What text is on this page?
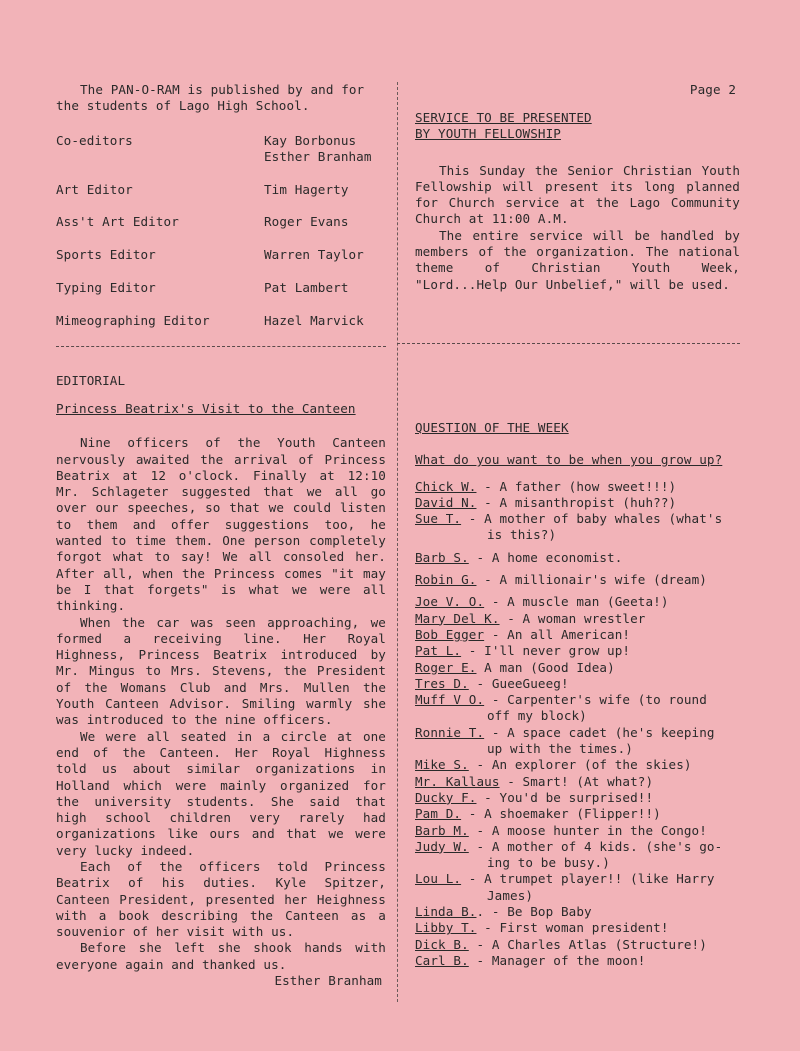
The PAN-O-RAM is published by and for the students of Lago High School.

Co-editors	Kay Borbonus
Esther Branham
Art Editor	Tim Hagerty
Ass't Art Editor	Roger Evans
Sports Editor	Warren Taylor
Typing Editor	Pat Lambert
Mimeographing Editor	Hazel Marvick
EDITORIAL
Princess Beatrix's Visit to the Canteen

Nine officers of the Youth Canteen nervously awaited the arrival of Princess Beatrix at 12 o'clock. Finally at 12:10 Mr. Schlageter suggested that we all go over our speeches, so that we could listen to them and offer suggestions too, he wanted to time them. One person completely forgot what to say! We all consoled her. After all, when the Princess comes "it may be I that forgets" is what we were all thinking.

When the car was seen approaching, we formed a receiving line. Her Royal Highness, Princess Beatrix introduced by Mr. Mingus to Mrs. Stevens, the President of the Womans Club and Mrs. Mullen the Youth Canteen Advisor. Smiling warmly she was introduced to the nine officers.

We were all seated in a circle at one end of the Canteen. Her Royal Highness told us about similar organizations in Holland which were mainly organized for the university students. She said that high school children very rarely had organizations like ours and that we were very lucky indeed.

Each of the officers told Princess Beatrix of his duties. Kyle Spitzer, Canteen President, presented her Heighness with a book describing the Canteen as a souvenior of her visit with us.

Before she left she shook hands with everyone again and thanked us.

Esther Branham
Page 2
SERVICE TO BE PRESENTED
BY YOUTH FELLOWSHIP

This Sunday the Senior Christian Youth Fellowship will present its long planned for Church service at the Lago Community Church at 11:00 A.M.

The entire service will be handled by members of the organization. The national theme of Christian Youth Week, "Lord...Help Our Unbelief," will be used.

QUESTION OF THE WEEK
What do you want to be when you grow up?
Chick W. - A father (how sweet!!!)
David N. - A misanthropist (huh??)
Sue T. - A mother of baby whales (what's
is this?)
Barb S. - A home economist.
Robin G. - A millionair's wife (dream)
Joe V. O. - A muscle man (Geeta!)
Mary Del K. - A woman wrestler
Bob Egger - An all American!
Pat L. - I'll never grow up!
Roger E. A man (Good Idea)
Tres D. - GueeGueeg!
Muff V O. - Carpenter's wife (to round
off my block)
Ronnie T. - A space cadet (he's keeping
up with the times.)
Mike S. - An explorer (of the skies)
Mr. Kallaus - Smart! (At what?)
Ducky F. - You'd be surprised!!
Pam D. - A shoemaker (Flipper!!)
Barb M. - A moose hunter in the Congo!
Judy W. - A mother of 4 kids. (she's go-
ing to be busy.)
Lou L. - A trumpet player!! (like Harry
James)
Linda B.. - Be Bop Baby
Libby T. - First woman president!
Dick B. - A Charles Atlas (Structure!)
Carl B. - Manager of the moon!
